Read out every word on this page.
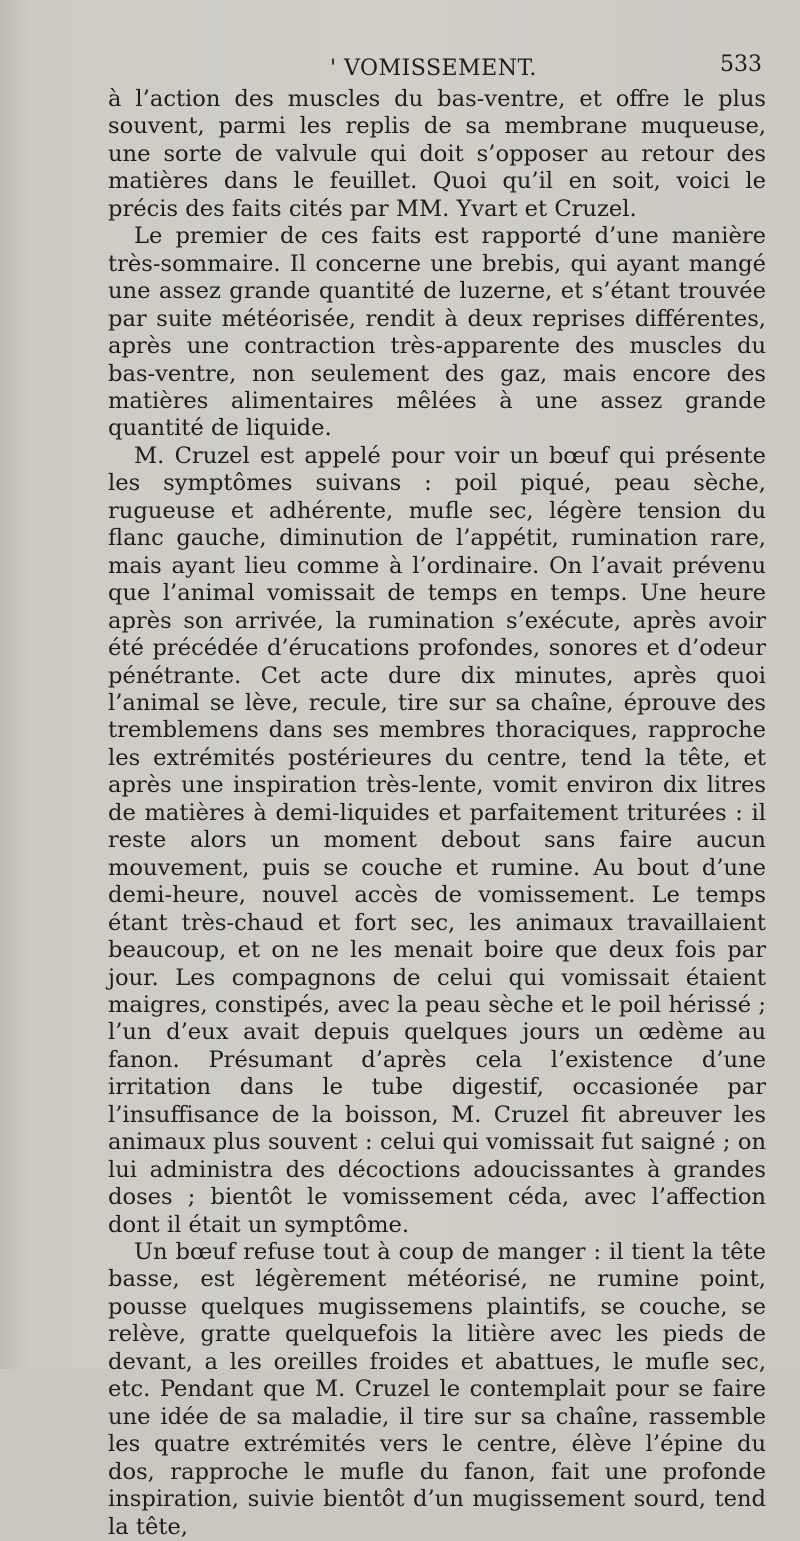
' VOMISSEMENT.	533

à l’action des muscles du bas-ventre, et offre le plus souvent, parmi les replis de sa membrane muqueuse, une sorte de valvule qui doit s’opposer au retour des matières dans le feuillet. Quoi qu’il en soit, voici le précis des faits cités par MM. Yvart et Cruzel.

Le premier de ces faits est rapporté d’une manière très-sommaire. Il concerne une brebis, qui ayant mangé une assez grande quantité de luzerne, et s’étant trouvée par suite météorisée, rendit à deux reprises différentes, après une contraction très-apparente des muscles du bas-ventre, non seulement des gaz, mais encore des matières alimentaires mêlées à une assez grande quantité de liquide.

M. Cruzel est appelé pour voir un bœuf qui présente les symptômes suivans : poil piqué, peau sèche, rugueuse et adhérente, mufle sec, légère tension du flanc gauche, diminution de l’appétit, rumination rare, mais ayant lieu comme à l’ordinaire. On l’avait prévenu que l’animal vomissait de temps en temps. Une heure après son arrivée, la rumination s’exécute, après avoir été précédée d’érucations profondes, sonores et d’odeur pénétrante. Cet acte dure dix minutes, après quoi l’animal se lève, recule, tire sur sa chaîne, éprouve des tremblemens dans ses membres thoraciques, rapproche les extrémités postérieures du centre, tend la tête, et après une inspiration très-lente, vomit environ dix litres de matières à demi-liquides et parfaitement triturées : il reste alors un moment debout sans faire aucun mouvement, puis se couche et rumine. Au bout d’une demi-heure, nouvel accès de vomissement. Le temps étant très-chaud et fort sec, les animaux travaillaient beaucoup, et on ne les menait boire que deux fois par jour. Les compagnons de celui qui vomissait étaient maigres, constipés, avec la peau sèche et le poil hérissé ; l’un d’eux avait depuis quelques jours un œdème au fanon. Présumant d’après cela l’existence d’une irritation dans le tube digestif, occasionée par l’insuffisance de la boisson, M. Cruzel fit abreuver les animaux plus souvent : celui qui vomissait fut saigné ; on lui administra des décoctions adoucissantes à grandes doses ; bientôt le vomissement céda, avec l’affection dont il était un symptôme.

Un bœuf refuse tout à coup de manger : il tient la tête basse, est légèrement météorisé, ne rumine point, pousse quelques mugissemens plaintifs, se couche, se relève, gratte quelquefois la litière avec les pieds de devant, a les oreilles froides et abattues, le mufle sec, etc. Pendant que M. Cruzel le contemplait pour se faire une idée de sa maladie, il tire sur sa chaîne, rassemble les quatre extrémités vers le centre, élève l’épine du dos, rapproche le mufle du fanon, fait une profonde inspiration, suivie bientôt d’un mugissement sourd, tend la tête,
